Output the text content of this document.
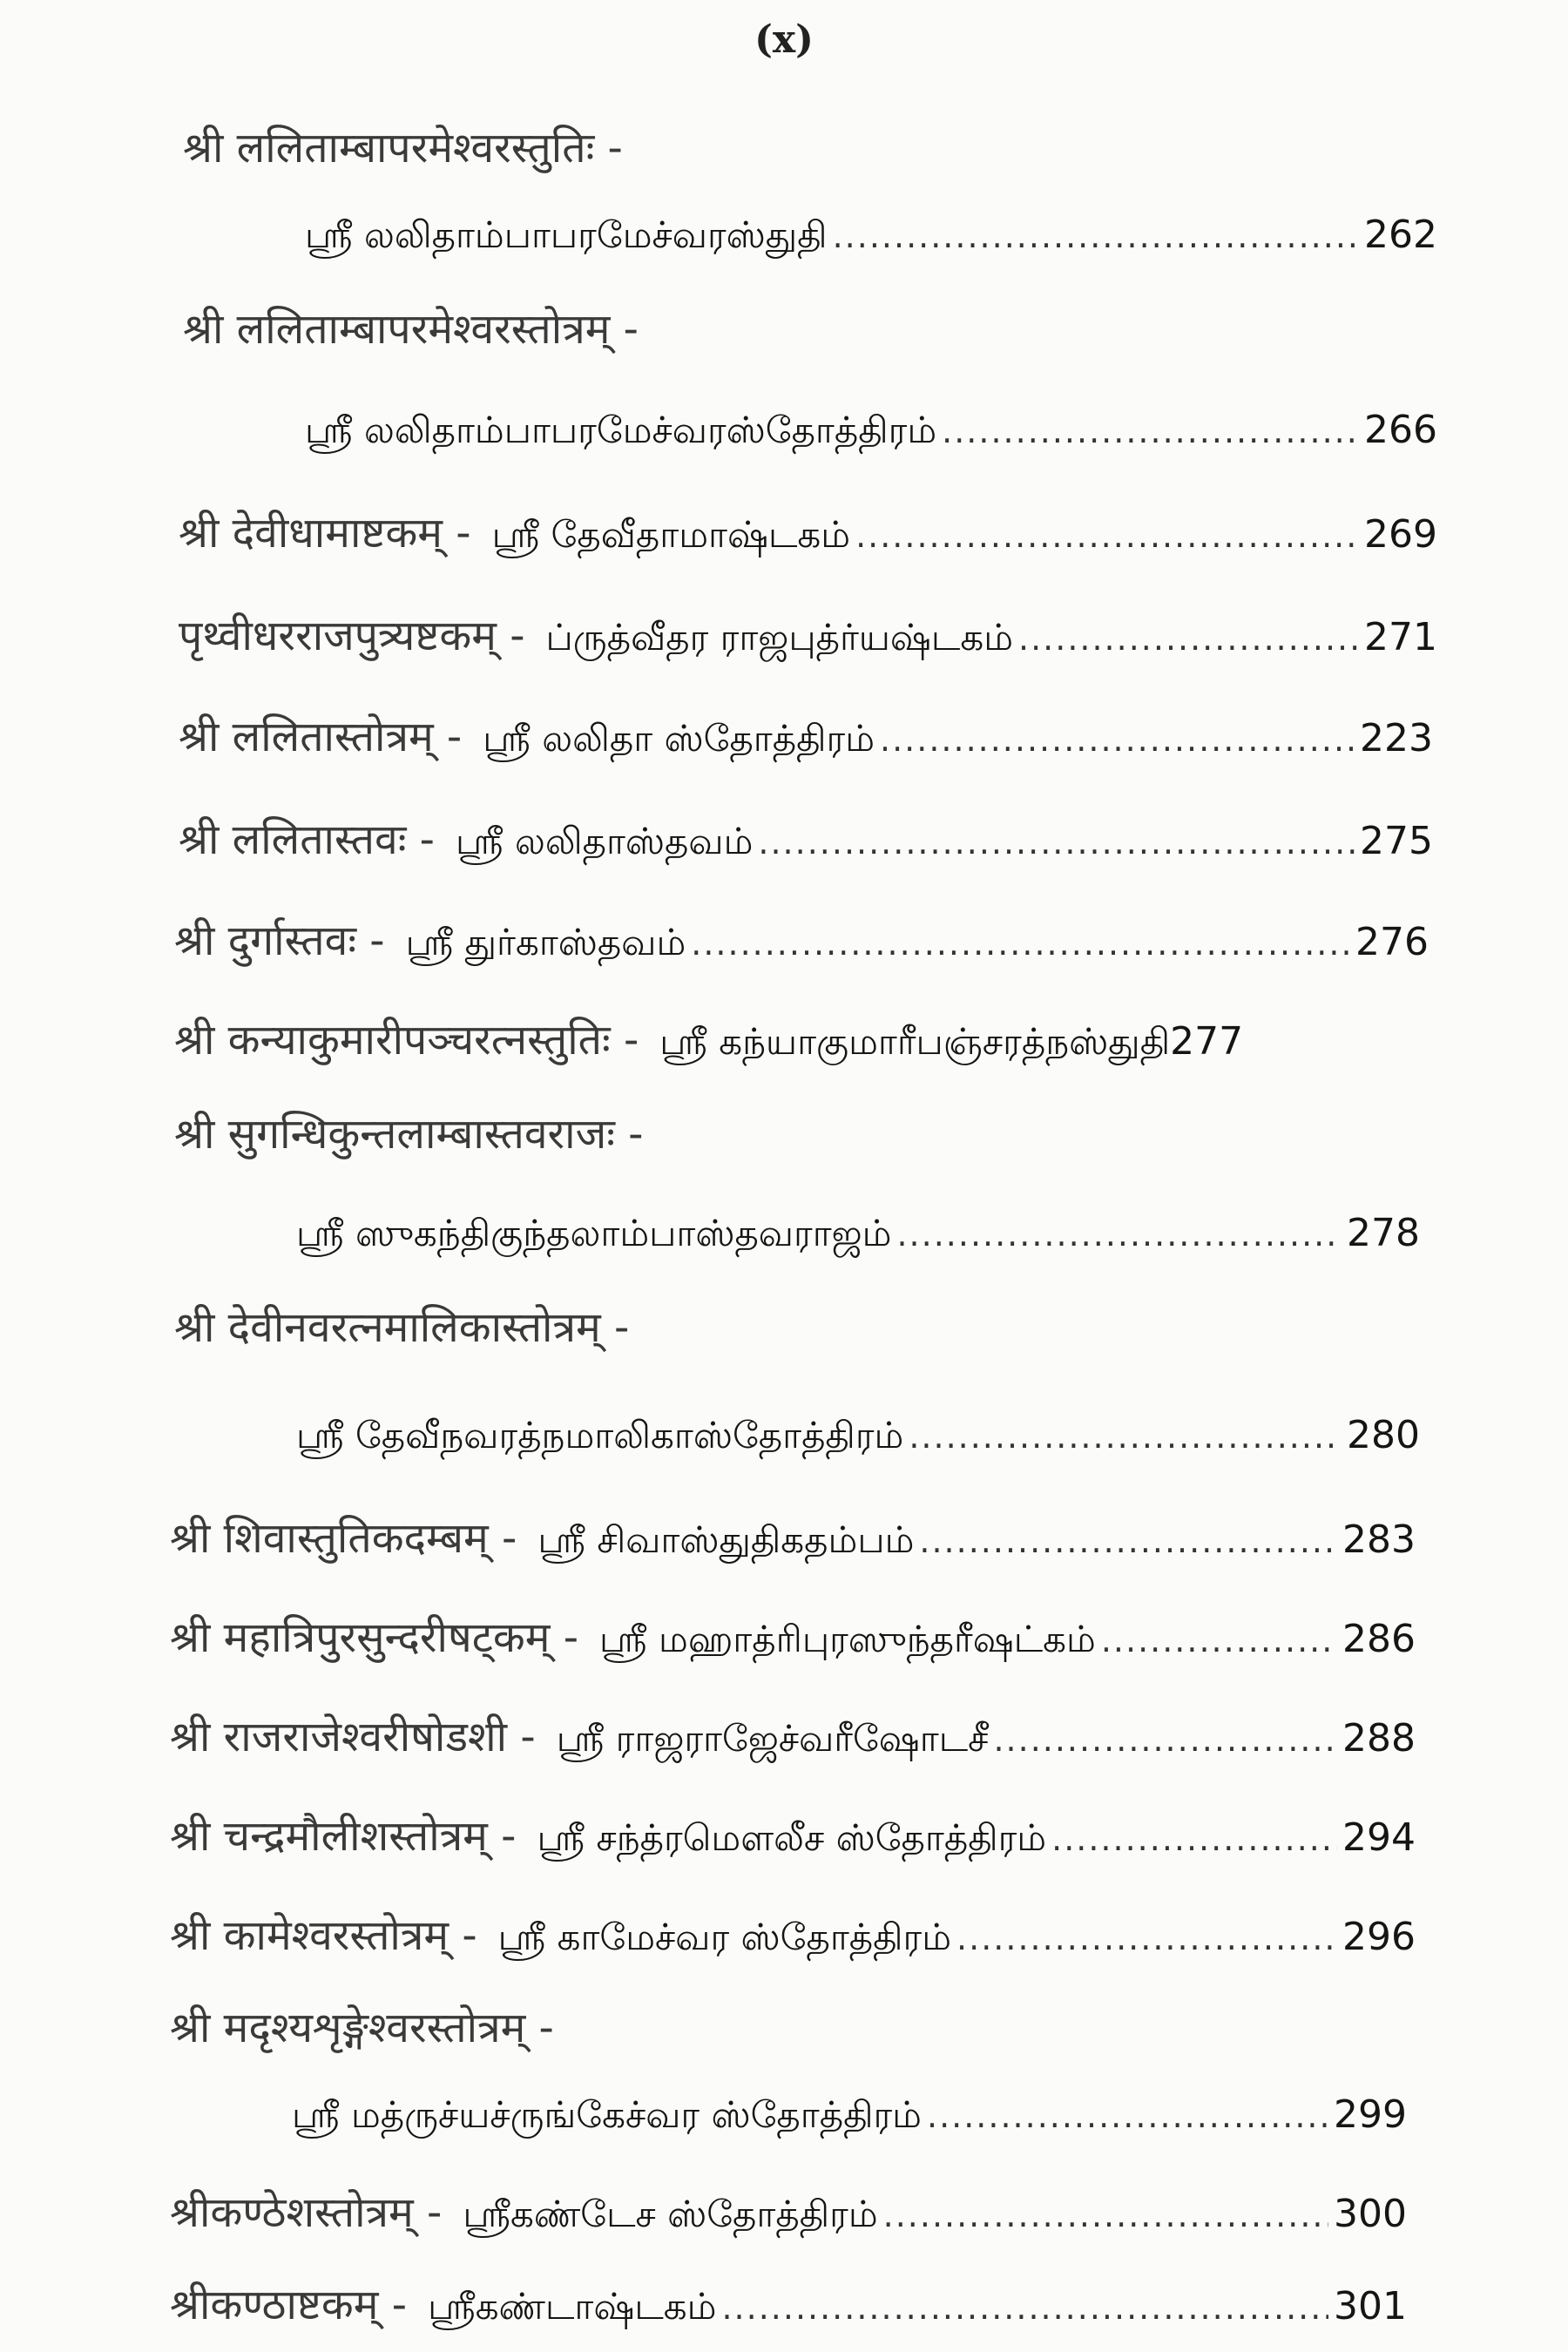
(x)
श्री ललिताम्बापरमेश्वरस्तुतिः -
ஸ்ரீ லலிதாம்பாபரமேச்வரஸ்துதி .....	262
श्री ललिताम्बापरमेश्वरस्तोत्रम् -
ஸ்ரீ லலிதாம்பாபரமேச்வரஸ்தோத்திரம் .....	266
श्री देवीधामाष्टकम् - ஸ்ரீ தேவீதாமாஷ்டகம் .....	269
पृथ्वीधरराजपुत्र्यष्टकम् - ப்ருத்வீதர ராஜபுத்ர்யஷ்டகம் .....	271
श्री ललितास्तोत्रम् - ஸ்ரீ லலிதா ஸ்தோத்திரம் .....	223
श्री ललितास्तवः - ஸ்ரீ லலிதாஸ்தவம் .....	275
श्री दुर्गास्तवः - ஸ்ரீ துர்காஸ்தவம் .....	276
श्री कन्याकुमारीपञ्चरत्नस्तुतिः - ஸ்ரீ கந்யாகுமாரீபஞ்சரத்நஸ்துதி 277
श्री सुगन्धिकुन्तलाम्बास्तवराजः -
ஸ்ரீ ஸுகந்திகுந்தலாம்பாஸ்தவராஜம் .....	278
श्री देवीनवरत्नमालिकास्तोत्रम् -
ஸ்ரீ தேவீநவரத்நமாலிகாஸ்தோத்திரம் .....	280
श्री शिवास्तुतिकदम्बम् - ஸ்ரீ சிவாஸ்துதிகதம்பம் .....	283
श्री महात्रिपुरसुन्दरीषट्कम् - ஸ்ரீ மஹாத்ரிபுரஸுந்தரீஷட்கம் .....	286
श्री राजराजेश्वरीषोडशी - ஸ்ரீ ராஜராஜேச்வரீஷோடசீ .....	288
श्री चन्द्रमौलीशस्तोत्रम् - ஸ்ரீ சந்த்ரமௌலீச ஸ்தோத்திரம் .....	294
श्री कामेश्वरस्तोत्रम् - ஸ்ரீ காமேச்வர ஸ்தோத்திரம் .....	296
श्री मदृश्यशृङ्गेश्वरस्तोत्रम् -
ஸ்ரீ மத்ருச்யச்ருங்கேச்வர ஸ்தோத்திரம் .....	299
श्रीकण्ठेशस्तोत्रम् - ஸ்ரீகண்டேச ஸ்தோத்திரம் .....	300
श्रीकण्ठाष्टकम् - ஸ்ரீகண்டாஷ்டகம் .....	301
